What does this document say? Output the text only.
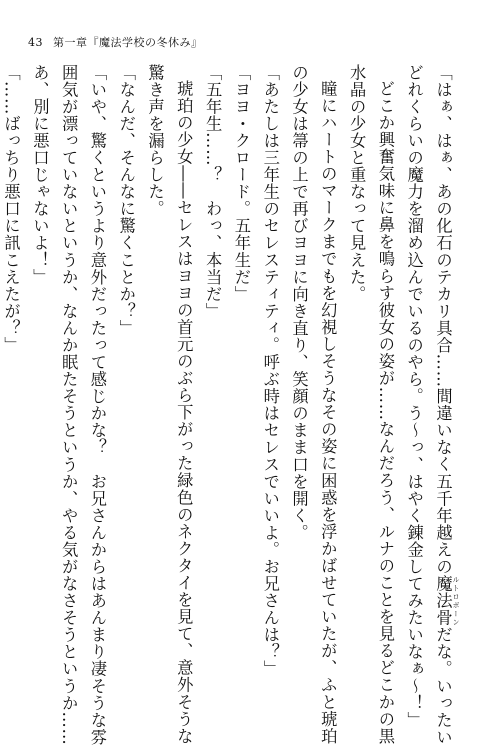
43 第一章『魔法学校の冬休み』

「はぁ、はぁ、あの化石のテカリ具合……間違いなく五千年越えの魔法骨 ルトロボーンだな。いったい

どれくらいの魔力を溜め込んでいるのやら。う〜っ、はやく錬金してみたいなぁ〜！」

どこか興奮気味に鼻を鳴らす彼女の姿が……なんだろう、ルナのことを見るどこかの黒

水晶の少女と重なって見えた。

瞳にハートのマークまでもを幻視しそうなその姿に困惑を浮かばせていたが、ふと琥珀

の少女は箒の上で再びヨヨに向き直り、笑顔のまま口を開く。

「あたしは三年生のセレスティティ。呼ぶ時はセレスでいいよ。お兄さんは？」

「ヨヨ・クロード。五年生だ」

「五年生……？　わっ、本当だ」

琥珀の少女――セレスはヨヨの首元のぶら下がった緑色のネクタイを見て、意外そうな

驚き声を漏らした。

「なんだ、そんなに驚くことか？」

「いや、驚くというより意外だったって感じかな？　お兄さんからはあんまり凄そうな雰

囲気が漂っていないというか、なんか眠たそうというか、やる気がなさそうというか……

あ、別に悪口じゃないよ！」

「……ばっちり悪口に訊こえたが？」
